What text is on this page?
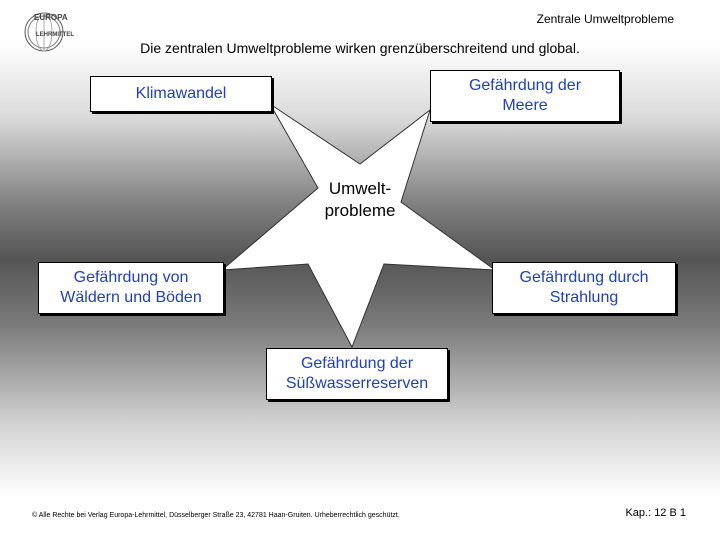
EUROPA
LEHRMITTEL
Zentrale Umweltprobleme
Die zentralen Umweltprobleme wirken grenzüberschreitend und global.
Umwelt-
probleme
Klimawandel	Gefährdung der
Meere
Gefährdung von
Wäldern und Böden
Gefährdung durch
Strahlung
Gefährdung der
Süßwasserreserven
© Alle Rechte bei Verlag Europa-Lehrmittel, Düsselberger Straße 23, 42781 Haan-Gruiten. Urheberrechtlich geschützt.	Kap.: 12 B 1
